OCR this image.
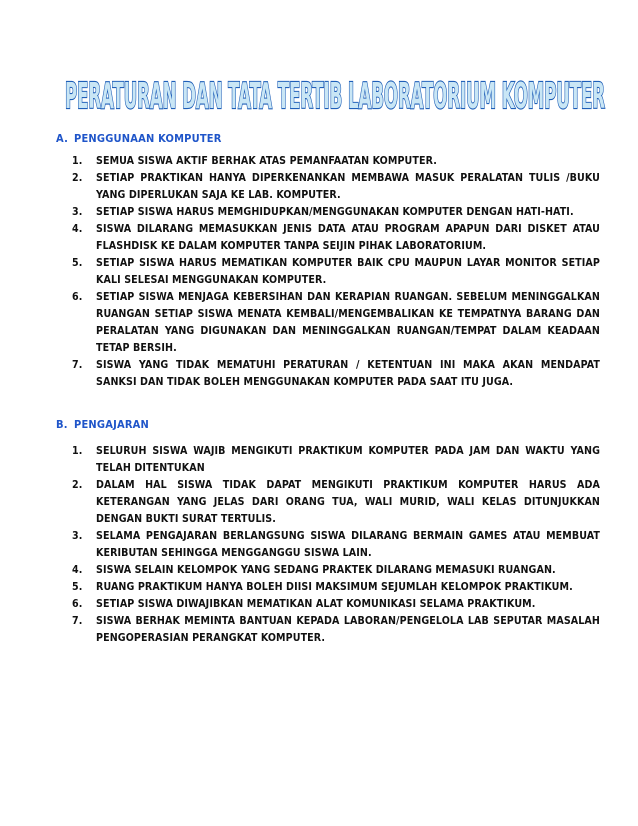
PERATURAN DAN TATA TERTIB LABORATORIUM KOMPUTER
A. PENGGUNAAN KOMPUTER
1. SEMUA SISWA AKTIF BERHAK ATAS PEMANFAATAN KOMPUTER.
2. SETIAP PRAKTIKAN HANYA DIPERKENANKAN MEMBAWA MASUK PERALATAN TULIS /BUKU YANG DIPERLUKAN SAJA KE LAB. KOMPUTER.
3. SETIAP SISWA HARUS MEMGHIDUPKAN/MENGGUNAKAN KOMPUTER DENGAN HATI-HATI.
4. SISWA DILARANG MEMASUKKAN JENIS DATA ATAU PROGRAM APAPUN DARI DISKET ATAU FLASHDISK KE DALAM KOMPUTER TANPA SEIJIN PIHAK LABORATORIUM.
5. SETIAP SISWA HARUS MEMATIKAN KOMPUTER BAIK CPU MAUPUN LAYAR MONITOR SETIAP KALI SELESAI MENGGUNAKAN KOMPUTER.
6. SETIAP SISWA MENJAGA KEBERSIHAN DAN KERAPIAN RUANGAN. SEBELUM MENINGGALKAN RUANGAN SETIAP SISWA MENATA KEMBALI/MENGEMBALIKAN KE TEMPATNYA BARANG DAN PERALATAN YANG DIGUNAKAN DAN MENINGGALKAN RUANGAN/TEMPAT DALAM KEADAAN TETAP BERSIH.
7. SISWA YANG TIDAK MEMATUHI PERATURAN / KETENTUAN INI MAKA AKAN MENDAPAT SANKSI DAN TIDAK BOLEH MENGGUNAKAN KOMPUTER PADA SAAT ITU JUGA.
B. PENGAJARAN
1. SELURUH SISWA WAJIB MENGIKUTI PRAKTIKUM KOMPUTER PADA JAM DAN WAKTU YANG TELAH DITENTUKAN
2. DALAM HAL SISWA TIDAK DAPAT MENGIKUTI PRAKTIKUM KOMPUTER HARUS ADA KETERANGAN YANG JELAS DARI ORANG TUA, WALI MURID, WALI KELAS DITUNJUKKAN DENGAN BUKTI SURAT TERTULIS.
3. SELAMA PENGAJARAN BERLANGSUNG SISWA DILARANG BERMAIN GAMES ATAU MEMBUAT KERIBUTAN SEHINGGA MENGGANGGU SISWA LAIN.
4. SISWA SELAIN KELOMPOK YANG SEDANG PRAKTEK DILARANG MEMASUKI RUANGAN.
5. RUANG PRAKTIKUM HANYA BOLEH DIISI MAKSIMUM SEJUMLAH KELOMPOK PRAKTIKUM.
6. SETIAP SISWA DIWAJIBKAN MEMATIKAN ALAT KOMUNIKASI SELAMA PRAKTIKUM.
7. SISWA BERHAK MEMINTA BANTUAN KEPADA LABORAN/PENGELOLA LAB SEPUTAR MASALAH PENGOPERASIAN PERANGKAT KOMPUTER.
